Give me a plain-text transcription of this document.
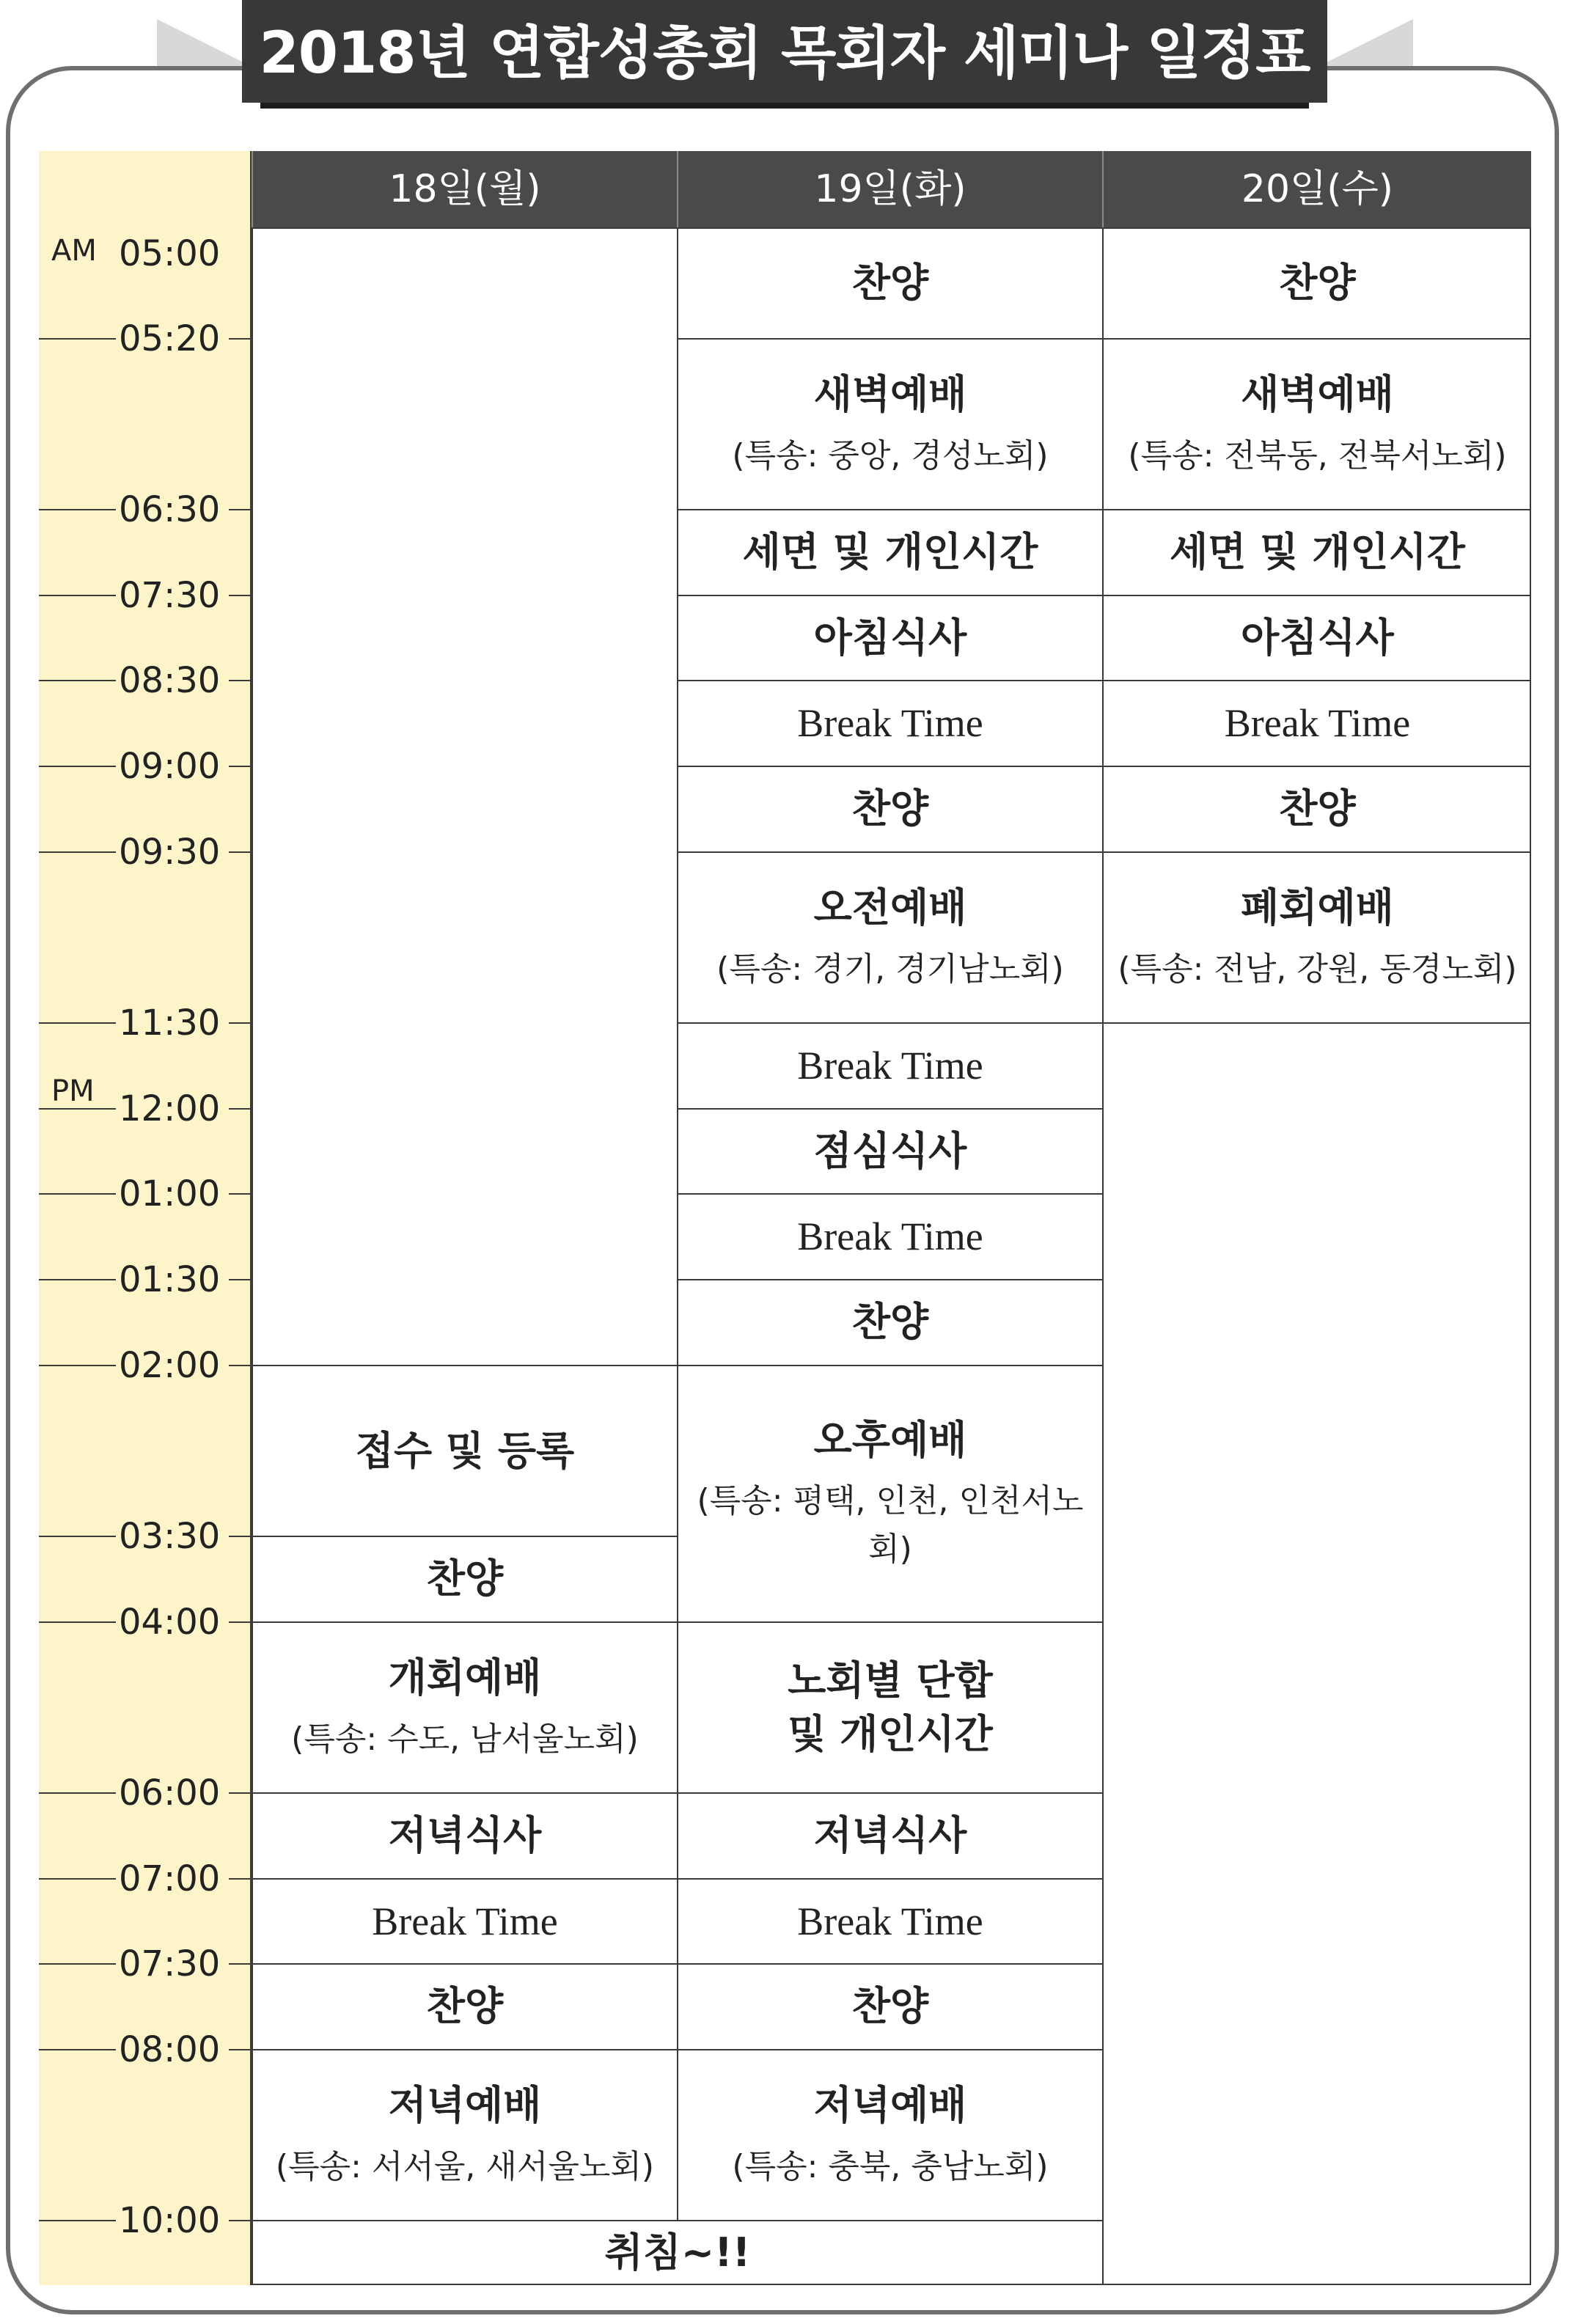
2018년 연합성총회 목회자 세미나 일정표
18일(월)	19일(화)	20일(수)
AM
PM
05:00
05:20
06:30
07:30
08:30
09:00
09:30
11:30
12:00
01:00
01:30
02:00
03:30
04:00
06:00
07:00
07:30
08:00
10:00
접수 및 등록
찬양
개회예배
(특송: 수도, 남서울노회)
저녁식사
Break Time
찬양
저녁예배
(특송: 서서울, 새서울노회)
찬양
새벽예배
(특송: 중앙, 경성노회)
세면 및 개인시간
아침식사
Break Time
찬양
오전예배
(특송: 경기, 경기남노회)
Break Time
점심식사
Break Time
찬양
오후예배
(특송: 평택, 인천, 인천서노회)
노회별 단합
및 개인시간
저녁식사
Break Time
찬양
저녁예배
(특송: 충북, 충남노회)
찬양
새벽예배
(특송: 전북동, 전북서노회)
세면 및 개인시간
아침식사
Break Time
찬양
폐회예배
(특송: 전남, 강원, 동경노회)
취침~!!
